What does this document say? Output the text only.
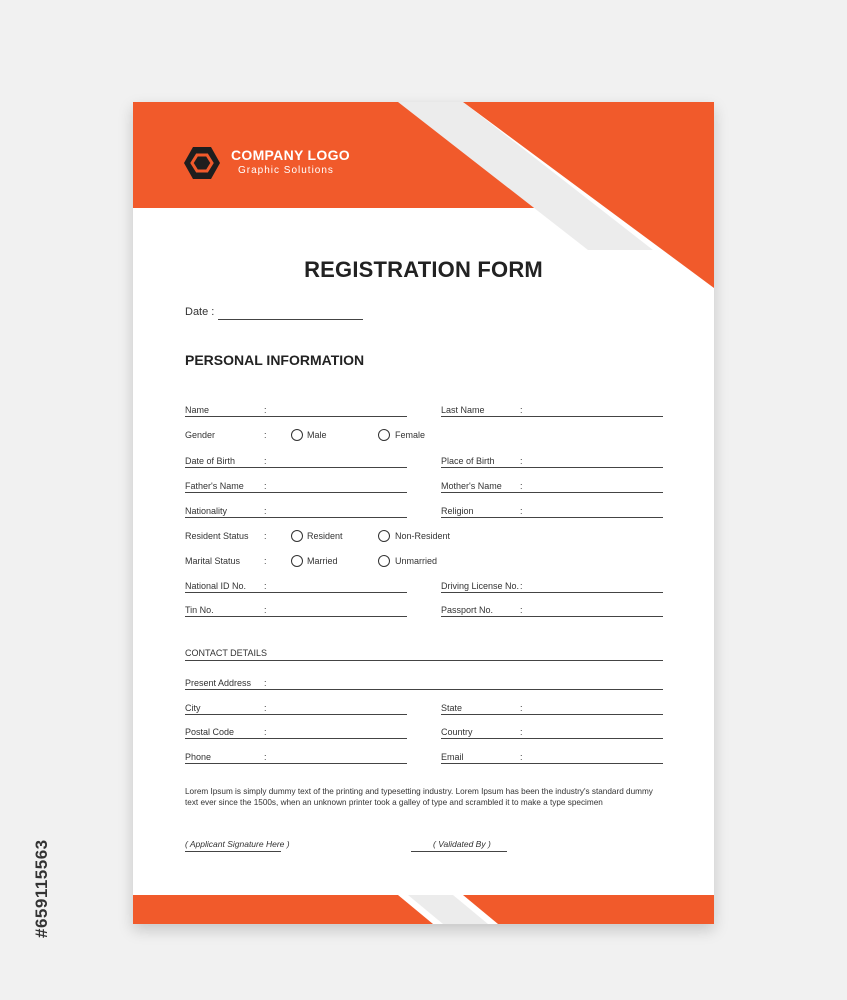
#659115563
COMPANY LOGO
Graphic Solutions
REGISTRATION FORM
Date :
PERSONAL INFORMATION
Name	:	Last Name	:
Gender	:	Male	Female
Date of Birth	:	Place of Birth	:
Father's Name :	Mother's Name :
Nationality	:	Religion	:
Resident Status :	Resident	Non-Resident
Marital Status	:	Married	Unmarried
National ID No. :	Driving License No. :
Tin No.	:	Passport No.	:
CONTACT DETAILS
Present Address :
City	:	State	:
Postal Code	:	Country	:
Phone	:	Email	:
Lorem Ipsum is simply dummy text of the printing and typesetting industry. Lorem Ipsum has been the industry's standard dummy text ever since the 1500s, when an unknown printer took a galley of type and scrambled it to make a type specimen
( Applicant Signature Here )	( Validated By )
